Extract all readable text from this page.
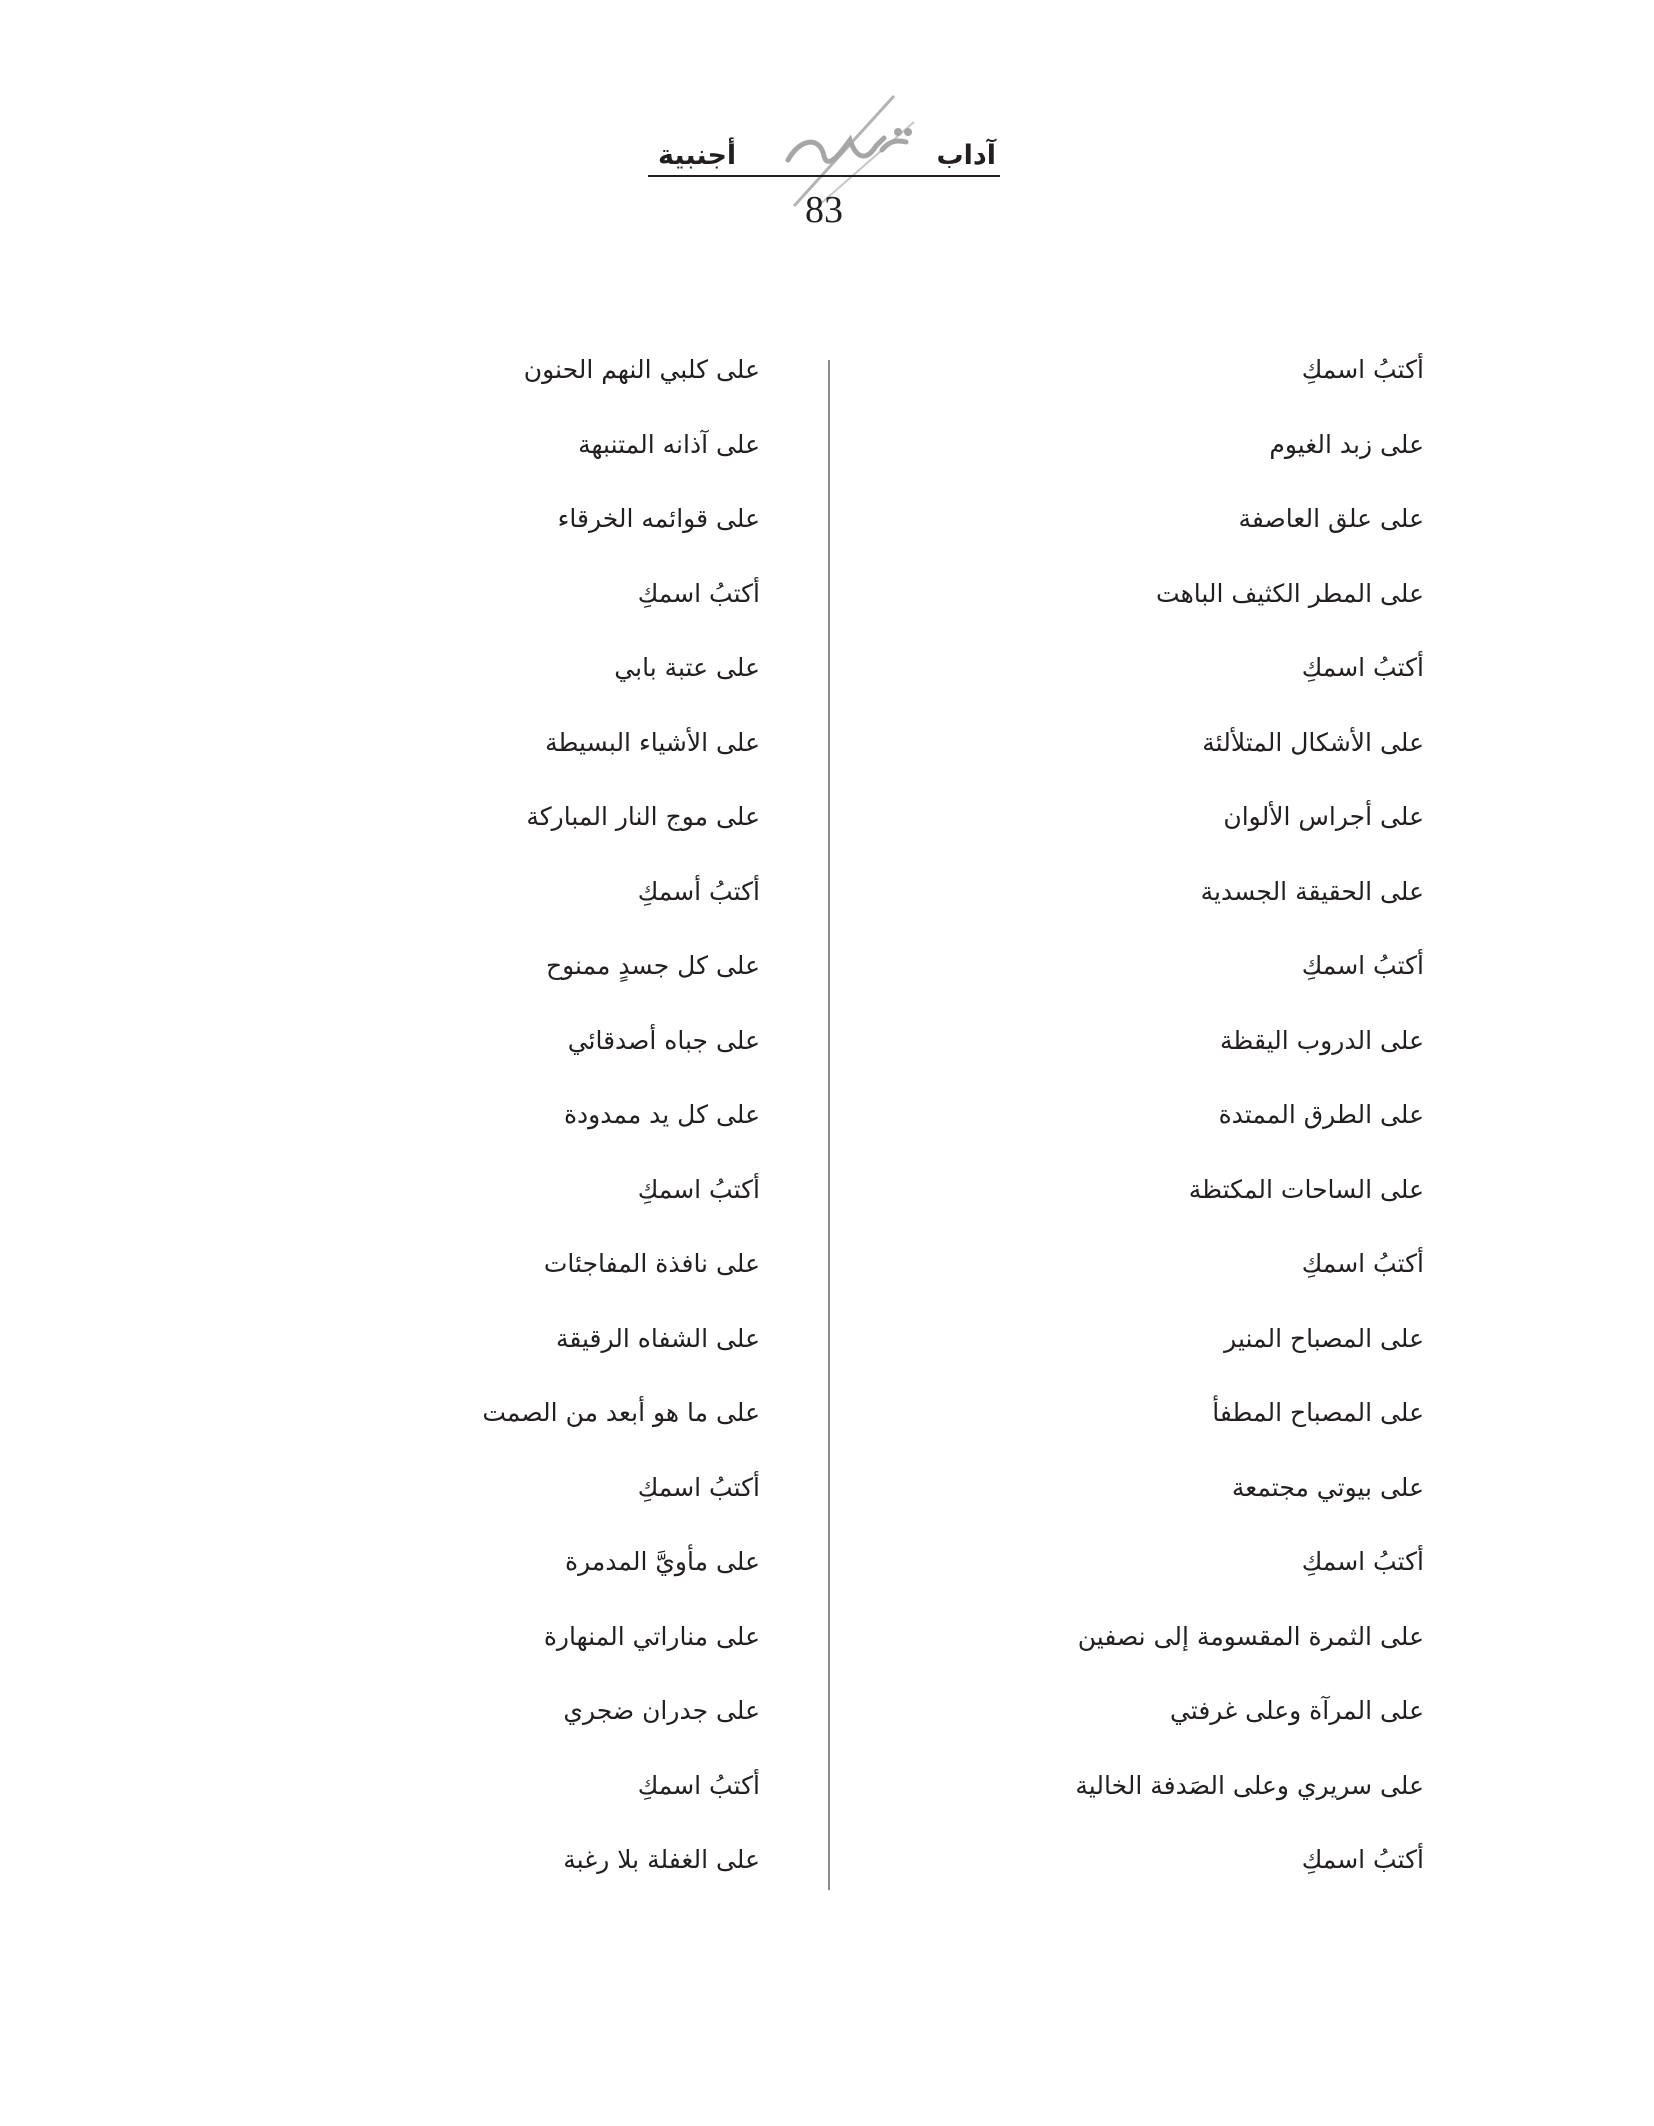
آداب
أجنبية
83
أكتبُ اسمكِ
على زبد الغيوم
على علق العاصفة
على المطر الكثيف الباهت
أكتبُ اسمكِ
على الأشكال المتلألئة
على أجراس الألوان
على الحقيقة الجسدية
أكتبُ اسمكِ
على الدروب اليقظة
على الطرق الممتدة
على الساحات المكتظة
أكتبُ اسمكِ
على المصباح المنير
على المصباح المطفأ
على بيوتي مجتمعة
أكتبُ اسمكِ
على الثمرة المقسومة إلى نصفين
على المرآة وعلى غرفتي
على سريري وعلى الصَدفة الخالية
أكتبُ اسمكِ
على كلبي النهم الحنون
على آذانه المتنبهة
على قوائمه الخرقاء
أكتبُ اسمكِ
على عتبة بابي
على الأشياء البسيطة
على موج النار المباركة
أكتبُ أسمكِ
على كل جسدٍ ممنوح
على جباه أصدقائي
على كل يد ممدودة
أكتبُ اسمكِ
على نافذة المفاجئات
على الشفاه الرقيقة
على ما هو أبعد من الصمت
أكتبُ اسمكِ
على مأويَّ المدمرة
على مناراتي المنهارة
على جدران ضجري
أكتبُ اسمكِ
على الغفلة بلا رغبة
